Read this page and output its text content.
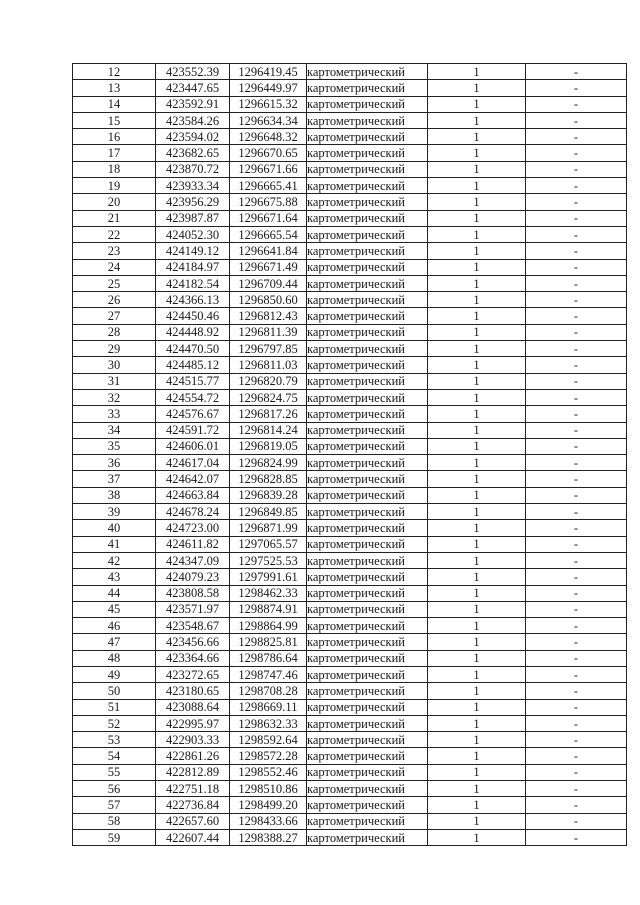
12	423552.39	1296419.45	картометрический	1	-
13	423447.65	1296449.97	картометрический	1	-
14	423592.91	1296615.32	картометрический	1	-
15	423584.26	1296634.34	картометрический	1	-
16	423594.02	1296648.32	картометрический	1	-
17	423682.65	1296670.65	картометрический	1	-
18	423870.72	1296671.66	картометрический	1	-
19	423933.34	1296665.41	картометрический	1	-
20	423956.29	1296675.88	картометрический	1	-
21	423987.87	1296671.64	картометрический	1	-
22	424052.30	1296665.54	картометрический	1	-
23	424149.12	1296641.84	картометрический	1	-
24	424184.97	1296671.49	картометрический	1	-
25	424182.54	1296709.44	картометрический	1	-
26	424366.13	1296850.60	картометрический	1	-
27	424450.46	1296812.43	картометрический	1	-
28	424448.92	1296811.39	картометрический	1	-
29	424470.50	1296797.85	картометрический	1	-
30	424485.12	1296811.03	картометрический	1	-
31	424515.77	1296820.79	картометрический	1	-
32	424554.72	1296824.75	картометрический	1	-
33	424576.67	1296817.26	картометрический	1	-
34	424591.72	1296814.24	картометрический	1	-
35	424606.01	1296819.05	картометрический	1	-
36	424617.04	1296824.99	картометрический	1	-
37	424642.07	1296828.85	картометрический	1	-
38	424663.84	1296839.28	картометрический	1	-
39	424678.24	1296849.85	картометрический	1	-
40	424723.00	1296871.99	картометрический	1	-
41	424611.82	1297065.57	картометрический	1	-
42	424347.09	1297525.53	картометрический	1	-
43	424079.23	1297991.61	картометрический	1	-
44	423808.58	1298462.33	картометрический	1	-
45	423571.97	1298874.91	картометрический	1	-
46	423548.67	1298864.99	картометрический	1	-
47	423456.66	1298825.81	картометрический	1	-
48	423364.66	1298786.64	картометрический	1	-
49	423272.65	1298747.46	картометрический	1	-
50	423180.65	1298708.28	картометрический	1	-
51	423088.64	1298669.11	картометрический	1	-
52	422995.97	1298632.33	картометрический	1	-
53	422903.33	1298592.64	картометрический	1	-
54	422861.26	1298572.28	картометрический	1	-
55	422812.89	1298552.46	картометрический	1	-
56	422751.18	1298510.86	картометрический	1	-
57	422736.84	1298499.20	картометрический	1	-
58	422657.60	1298433.66	картометрический	1	-
59	422607.44	1298388.27	картометрический	1	-
